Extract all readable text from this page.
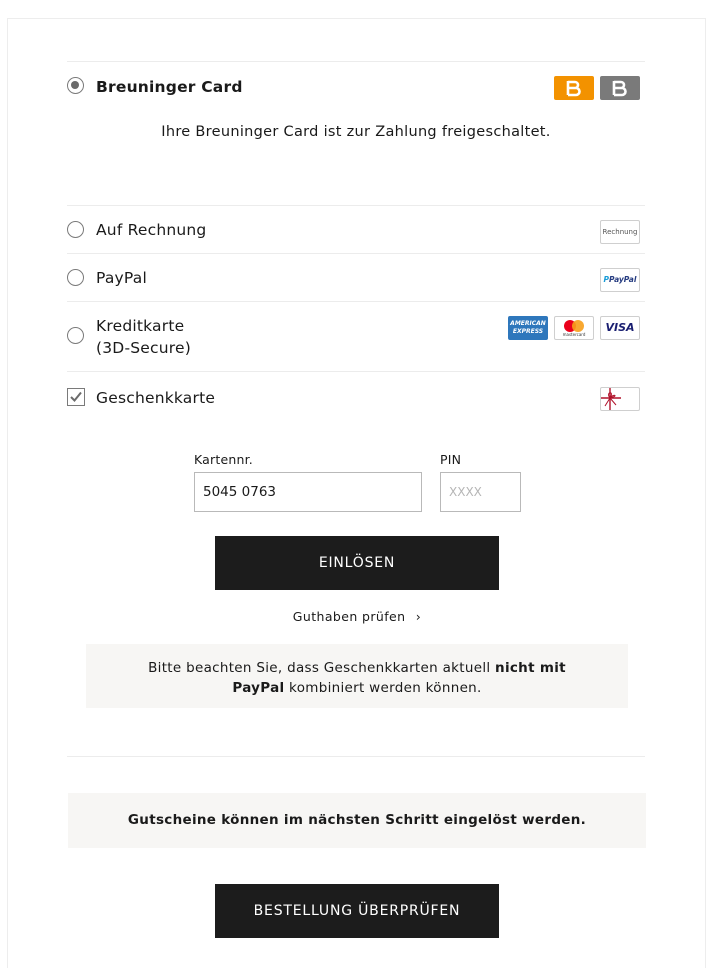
Breuninger Card
Ihre Breuninger Card ist zur Zahlung freigeschaltet.
Auf Rechnung	Rechnung
PayPal	PPayPal
Kreditkarte
(3D-Secure)
AMERICAN
EXPRESS	mastercard
VISA
Geschenkkarte
Kartennr.
5045 0763	PIN
XXXX
EINLÖSEN
Guthaben prüfen ›
Bitte beachten Sie, dass Geschenkkarten aktuell nicht mit
PayPal kombiniert werden können.
Gutscheine können im nächsten Schritt eingelöst werden.
BESTELLUNG ÜBERPRÜFEN
